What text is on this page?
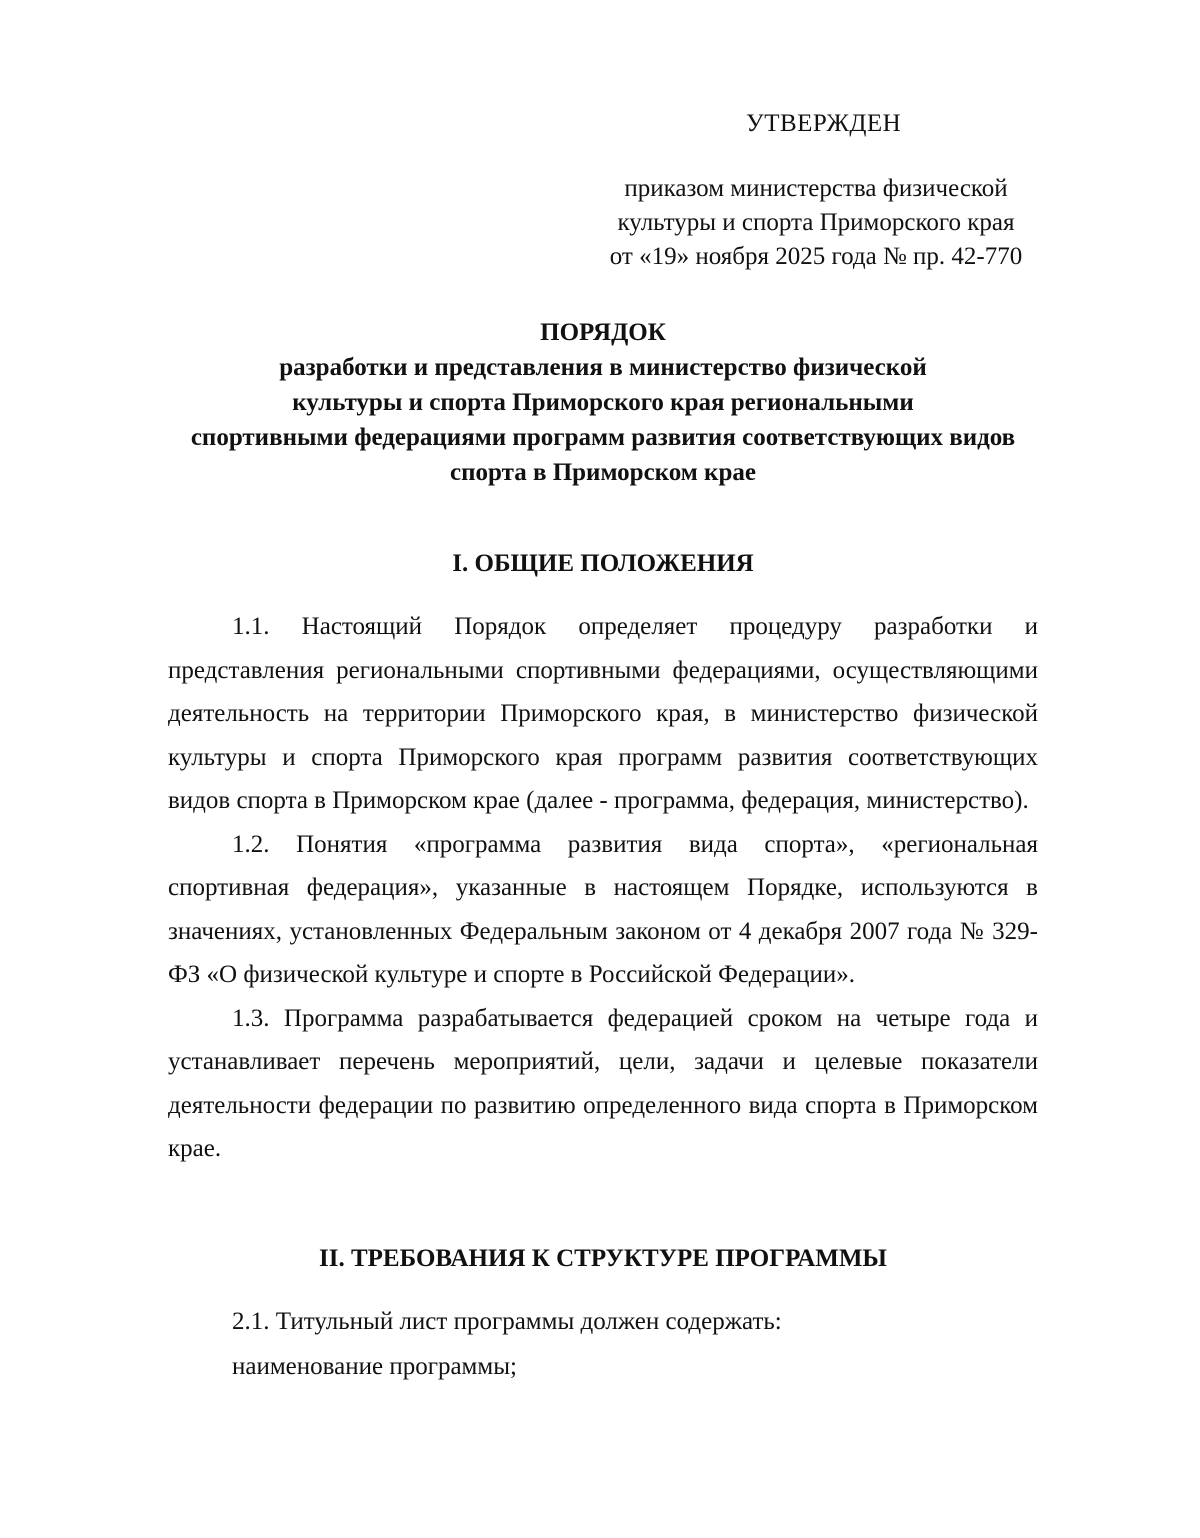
УТВЕРЖДЕН
приказом министерства физической
культуры и спорта Приморского края
от «19» ноября 2025 года № пр. 42-770
ПОРЯДОК
разработки и представления в министерство физической
культуры и спорта Приморского края региональными
спортивными федерациями программ развития соответствующих видов
спорта в Приморском крае
I. ОБЩИЕ ПОЛОЖЕНИЯ

1.1. Настоящий Порядок определяет процедуру разработки и представления региональными спортивными федерациями, осуществляющими деятельность на территории Приморского края, в министерство физической культуры и спорта Приморского края программ развития соответствующих видов спорта в Приморском крае (далее - программа, федерация, министерство).

1.2. Понятия «программа развития вида спорта», «региональная спортивная федерация», указанные в настоящем Порядке, используются в значениях, установленных Федеральным законом от 4 декабря 2007 года № 329-ФЗ «О физической культуре и спорте в Российской Федерации».

1.3. Программа разрабатывается федерацией сроком на четыре года и устанавливает перечень мероприятий, цели, задачи и целевые показатели деятельности федерации по развитию определенного вида спорта в Приморском крае.

II. ТРЕБОВАНИЯ К СТРУКТУРЕ ПРОГРАММЫ
2.1. Титульный лист программы должен содержать:
наименование программы;
